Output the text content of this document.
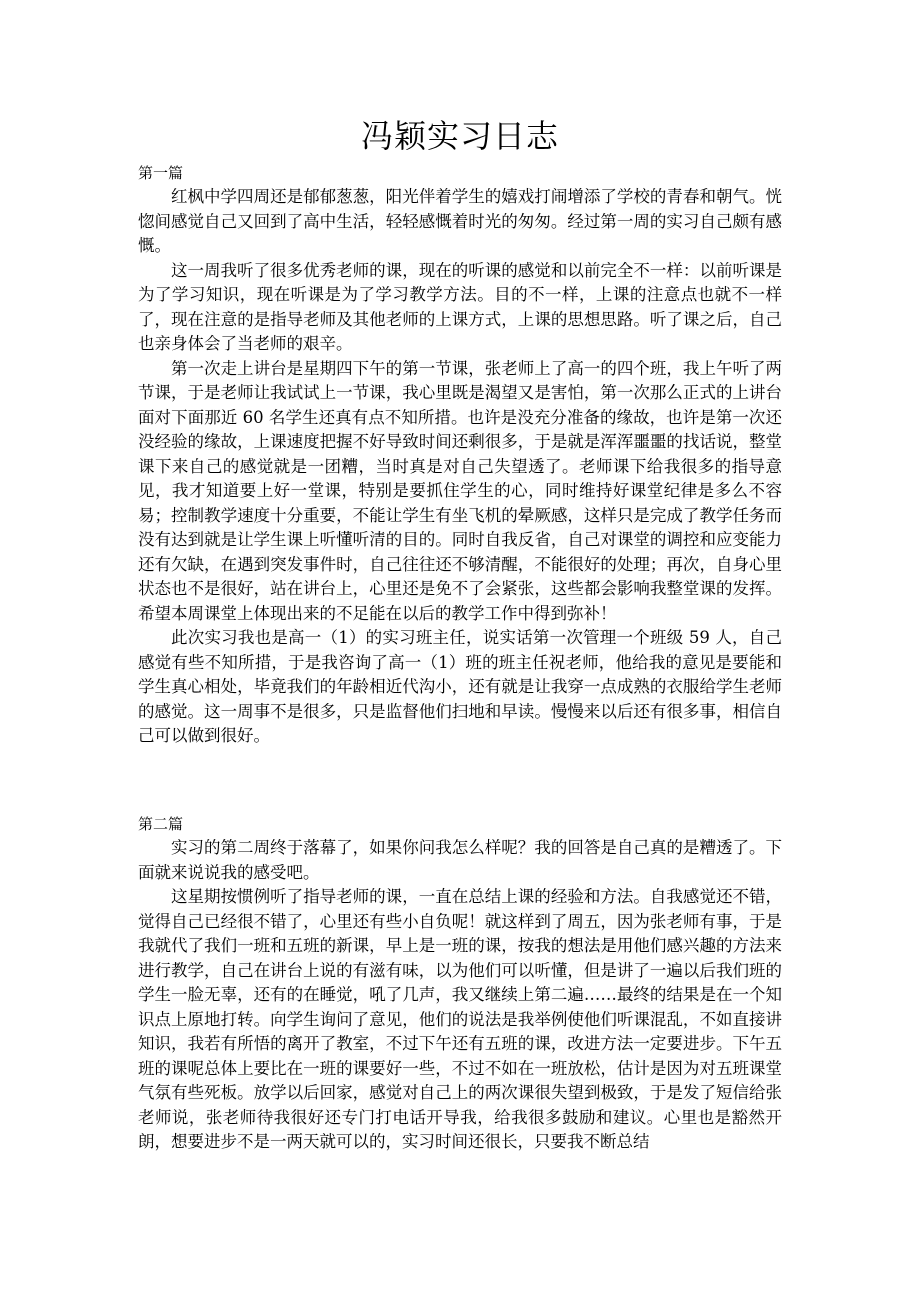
冯颖实习日志

第一篇

红枫中学四周还是郁郁葱葱，阳光伴着学生的嬉戏打闹增添了学校的青春和朝气。恍惚间感觉自己又回到了高中生活，轻轻感慨着时光的匆匆。经过第一周的实习自己颇有感慨。

这一周我听了很多优秀老师的课，现在的听课的感觉和以前完全不一样：以前听课是为了学习知识，现在听课是为了学习教学方法。目的不一样，上课的注意点也就不一样了，现在注意的是指导老师及其他老师的上课方式，上课的思想思路。听了课之后，自己也亲身体会了当老师的艰辛。

第一次走上讲台是星期四下午的第一节课，张老师上了高一的四个班，我上午听了两节课，于是老师让我试试上一节课，我心里既是渴望又是害怕，第一次那么正式的上讲台面对下面那近 60 名学生还真有点不知所措。也许是没充分准备的缘故，也许是第一次还没经验的缘故，上课速度把握不好导致时间还剩很多，于是就是浑浑噩噩的找话说，整堂课下来自己的感觉就是一团糟，当时真是对自己失望透了。老师课下给我很多的指导意见，我才知道要上好一堂课，特别是要抓住学生的心，同时维持好课堂纪律是多么不容易；控制教学速度十分重要，不能让学生有坐飞机的晕厥感，这样只是完成了教学任务而没有达到就是让学生课上听懂听清的目的。同时自我反省，自己对课堂的调控和应变能力还有欠缺，在遇到突发事件时，自己往往还不够清醒，不能很好的处理；再次，自身心里状态也不是很好，站在讲台上，心里还是免不了会紧张，这些都会影响我整堂课的发挥。希望本周课堂上体现出来的不足能在以后的教学工作中得到弥补！

此次实习我也是高一（1）的实习班主任，说实话第一次管理一个班级 59 人，自己感觉有些不知所措，于是我咨询了高一（1）班的班主任祝老师，他给我的意见是要能和学生真心相处，毕竟我们的年龄相近代沟小，还有就是让我穿一点成熟的衣服给学生老师的感觉。这一周事不是很多，只是监督他们扫地和早读。慢慢来以后还有很多事，相信自己可以做到很好。

第二篇

实习的第二周终于落幕了，如果你问我怎么样呢？我的回答是自己真的是糟透了。下面就来说说我的感受吧。

这星期按惯例听了指导老师的课，一直在总结上课的经验和方法。自我感觉还不错，觉得自己已经很不错了，心里还有些小自负呢！就这样到了周五，因为张老师有事，于是我就代了我们一班和五班的新课，早上是一班的课，按我的想法是用他们感兴趣的方法来进行教学，自己在讲台上说的有滋有味，以为他们可以听懂，但是讲了一遍以后我们班的学生一脸无辜，还有的在睡觉，吼了几声，我又继续上第二遍……最终的结果是在一个知识点上原地打转。向学生询问了意见，他们的说法是我举例使他们听课混乱，不如直接讲知识，我若有所悟的离开了教室，不过下午还有五班的课，改进方法一定要进步。下午五班的课呢总体上要比在一班的课要好一些，不过不如在一班放松，估计是因为对五班课堂气氛有些死板。放学以后回家，感觉对自己上的两次课很失望到极致，于是发了短信给张老师说，张老师待我很好还专门打电话开导我，给我很多鼓励和建议。心里也是豁然开朗，想要进步不是一两天就可以的，实习时间还很长，只要我不断总结
